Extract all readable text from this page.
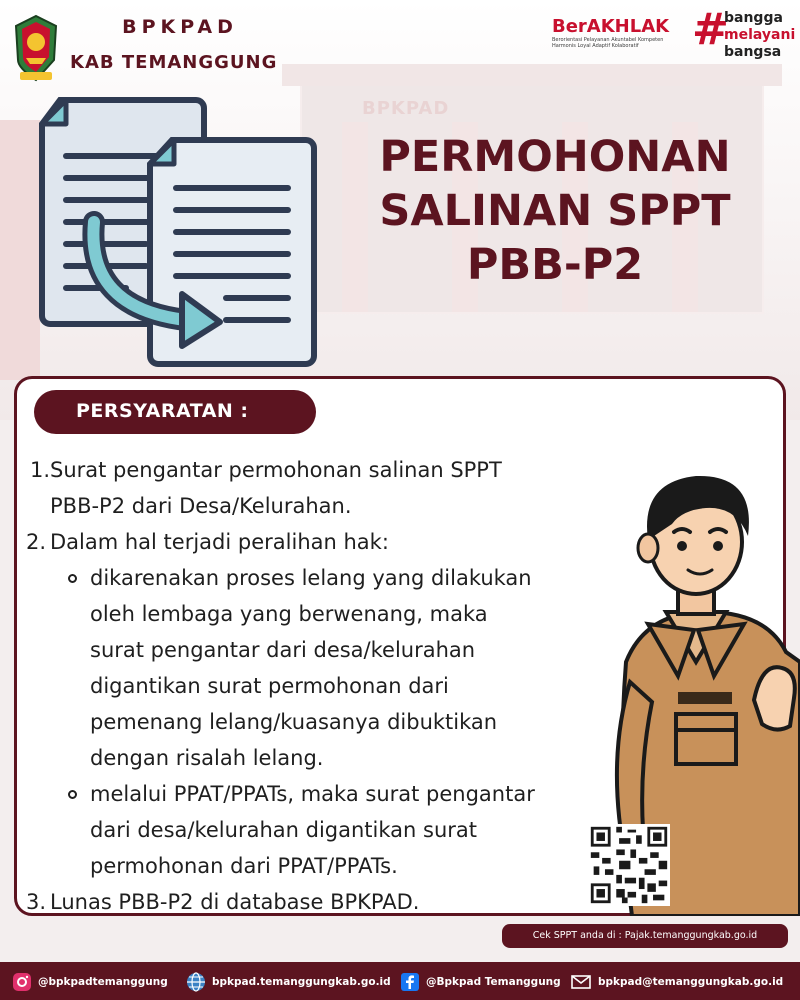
BPKPAD
BPKPAD
KAB TEMANGGUNG
BerAKHLAK
Berorientasi Pelayanan Akuntabel Kompeten
Harmonis Loyal Adaptif Kolaboratif	#
bangga
melayani
bangsa
PERMOHONAN
SALINAN SPPT
PBB-P2
PERSYARATAN :
1. Surat pengantar permohonan salinan SPPT
PBB-P2 dari Desa/Kelurahan.
2. Dalam hal terjadi peralihan hak:
dikarenakan proses lelang yang dilakukan
oleh lembaga yang berwenang, maka
surat pengantar dari desa/kelurahan
digantikan surat permohonan dari
pemenang lelang/kuasanya dibuktikan
dengan risalah lelang.
melalui PPAT/PPATs, maka surat pengantar
dari desa/kelurahan digantikan surat
permohonan dari PPAT/PPATs.
3. Lunas PBB-P2 di database BPKPAD.
Cek SPPT anda di : Pajak.temanggungkab.go.id
@bpkpadtemanggung	bpkpad.temanggungkab.go.id	@Bpkpad Temanggung	bpkpad@temanggungkab.go.id
